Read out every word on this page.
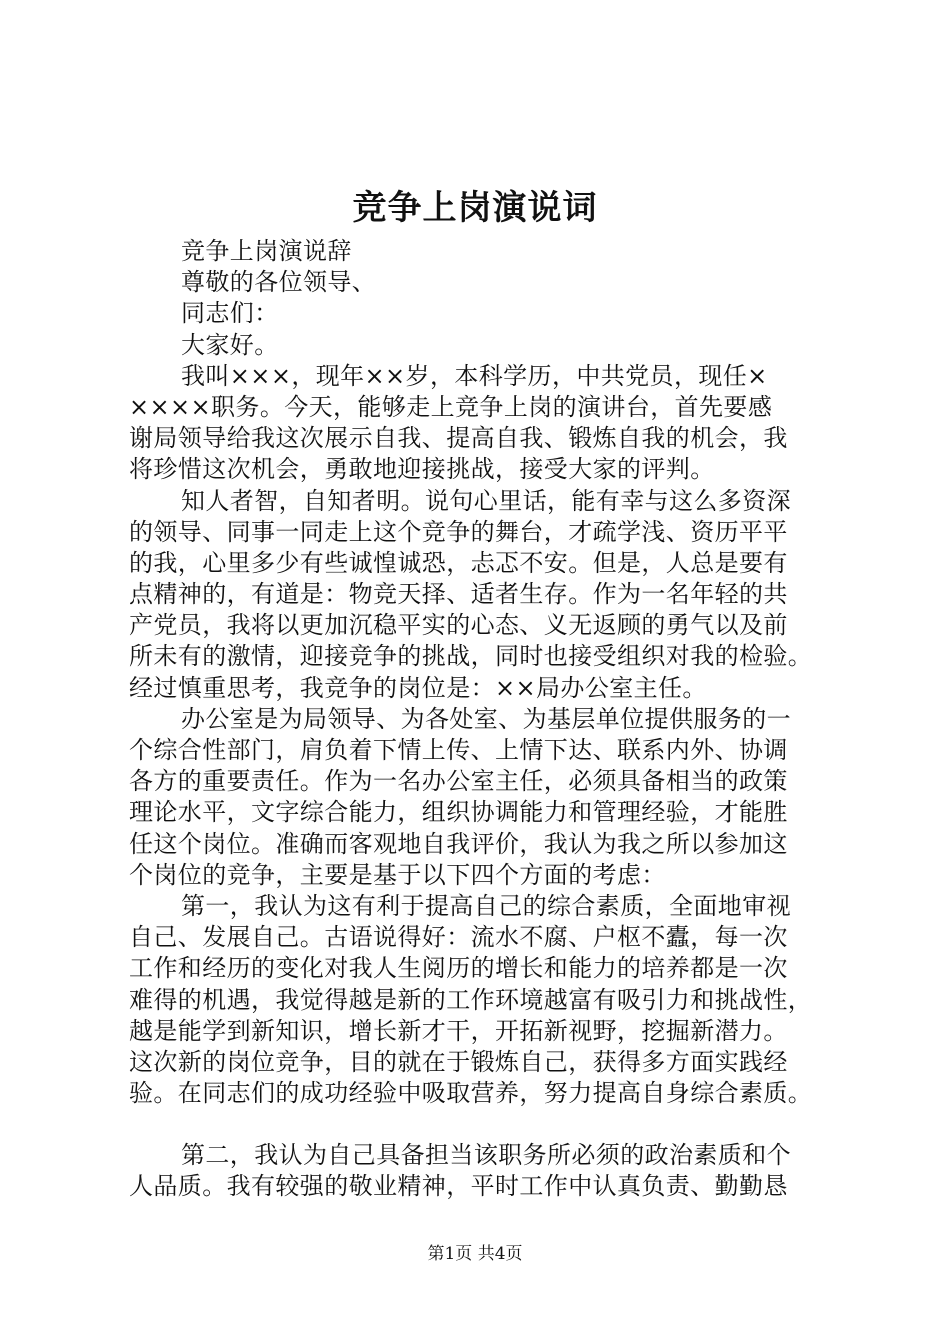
竞争上岗演说词
竞争上岗演说辞
尊敬的各位领导、
同志们：
大家好。
我叫×××，现年××岁，本科学历，中共党员，现任×
××××职务。今天，能够走上竞争上岗的演讲台，首先要感
谢局领导给我这次展示自我、提高自我、锻炼自我的机会，我
将珍惜这次机会，勇敢地迎接挑战，接受大家的评判。
知人者智，自知者明。说句心里话，能有幸与这么多资深
的领导、同事一同走上这个竞争的舞台，才疏学浅、资历平平
的我，心里多少有些诚惶诚恐，忐忑不安。但是，人总是要有
点精神的，有道是：物竞天择、适者生存。作为一名年轻的共
产党员，我将以更加沉稳平实的心态、义无返顾的勇气以及前
所未有的激情，迎接竞争的挑战，同时也接受组织对我的检验。
经过慎重思考，我竞争的岗位是：××局办公室主任。
办公室是为局领导、为各处室、为基层单位提供服务的一
个综合性部门，肩负着下情上传、上情下达、联系内外、协调
各方的重要责任。作为一名办公室主任，必须具备相当的政策
理论水平，文字综合能力，组织协调能力和管理经验，才能胜
任这个岗位。准确而客观地自我评价，我认为我之所以参加这
个岗位的竞争，主要是基于以下四个方面的考虑：
第一，我认为这有利于提高自己的综合素质，全面地审视
自己、发展自己。古语说得好：流水不腐、户枢不蠹，每一次
工作和经历的变化对我人生阅历的增长和能力的培养都是一次
难得的机遇，我觉得越是新的工作环境越富有吸引力和挑战性，
越是能学到新知识，增长新才干，开拓新视野，挖掘新潜力。
这次新的岗位竞争，目的就在于锻炼自己，获得多方面实践经
验。在同志们的成功经验中吸取营养，努力提高自身综合素质。
第二，我认为自己具备担当该职务所必须的政治素质和个
人品质。我有较强的敬业精神，平时工作中认真负责、勤勤恳
第1页 共4页
